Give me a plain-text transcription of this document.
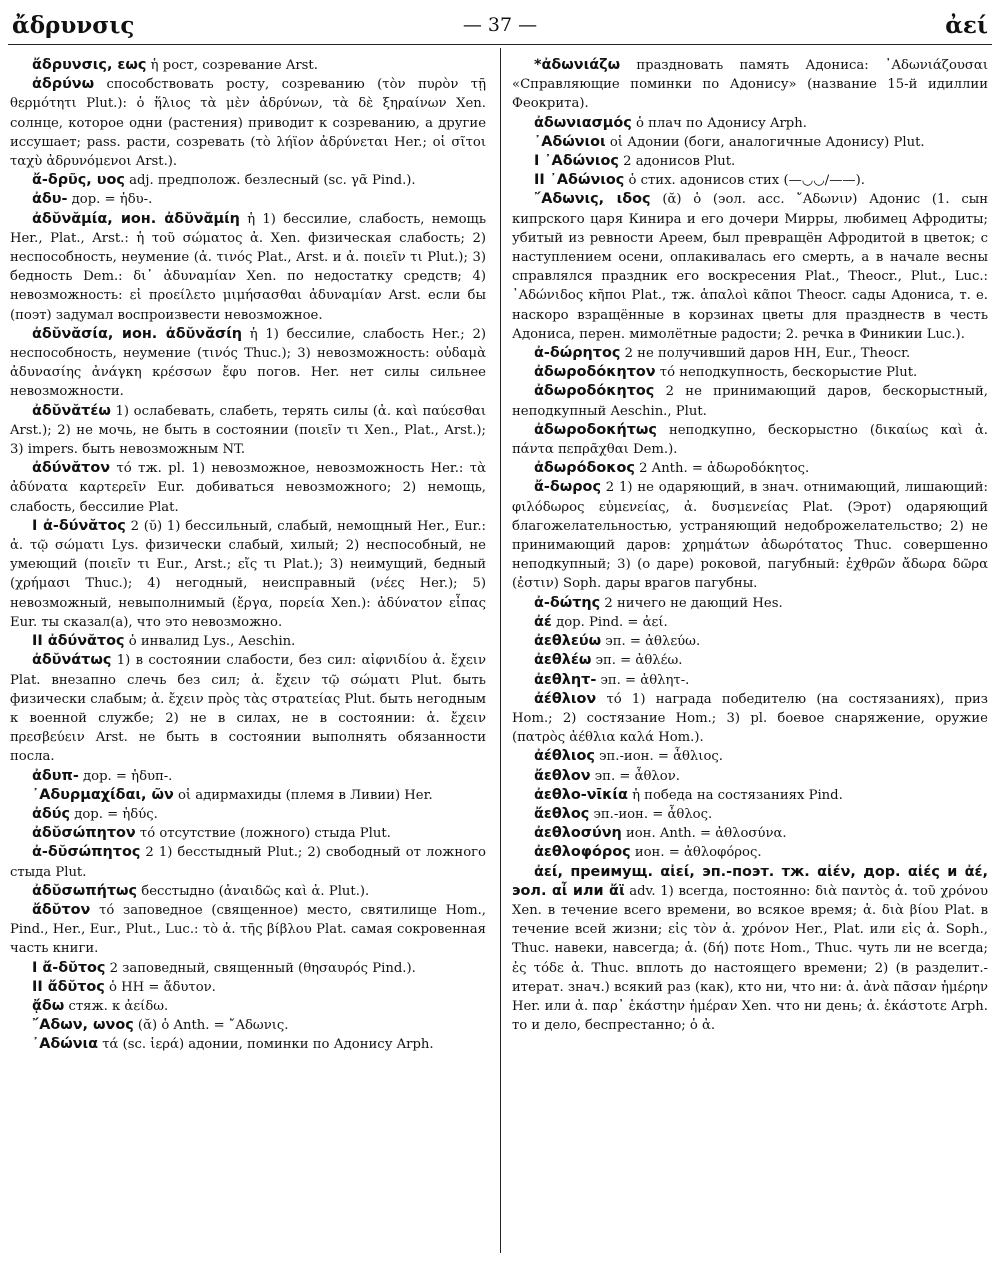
ἄδρυνσις	— 37 —	ἀεί

ἄδρυνσις, εως ἡ рост, созревание Arst.

ἀδρύνω способствовать росту, созреванию (τὸν πυρὸν τῇ θερμότητι Plut.): ὁ ἥλιος τὰ μὲν ἀδρύνων, τὰ δὲ ξηραίνων Xen. солнце, которое одни (растения) приводит к созреванию, а другие иссушает; pass. расти, созревать (τὸ λήϊον ἀδρύνεται Her.; οἱ σῖτοι ταχὺ ἀδρυνόμενοι Arst.).

ἄ-δρῦς, υος adj. предполож. безлесный (sc. γᾶ Pind.).

ἀδυ- дор. = ἡδυ-.

ἀδῠνᾰμία, ион. ἀδῠνᾰμίη ἡ 1) бессилие, слабость, немощь Her., Plat., Arst.: ἡ τοῦ σώματος ἀ. Xen. физическая слабость; 2) неспособность, неумение (ἀ. τινός Plat., Arst. и ἀ. ποιεῖν τι Plut.); 3) бедность Dem.: δι᾽ ἀδυναμίαν Xen. по недостатку средств; 4) невозможность: εἰ προείλετο μιμήσασθαι ἀδυναμίαν Arst. если бы (поэт) задумал воспроизвести невозможное.

ἀδῠνᾰσία, ион. ἀδῠνᾰσίη ἡ 1) бессилие, слабость Her.; 2) неспособность, неумение (τινός Thuc.); 3) невозможность: οὐδαμὰ ἀδυνασίης ἀνάγκη κρέσσων ἔφυ погов. Her. нет силы сильнее невозможности.

ἀδῠνᾰτέω 1) ослабевать, слабеть, терять силы (ἀ. καὶ παύεσθαι Arst.); 2) не мочь, не быть в состоянии (ποιεῖν τι Xen., Plat., Arst.); 3) impers. быть невозможным NT.

ἀδύνᾰτον τό тж. pl. 1) невозможное, невозможность Her.: τὰ ἀδύνατα καρτερεῖν Eur. добиваться невозможного; 2) немощь, слабость, бессилие Plat.

I ἀ-δύνᾰτος 2 (ῠ) 1) бессильный, слабый, немощный Her., Eur.: ἀ. τῷ σώματι Lys. физически слабый, хилый; 2) неспособный, не умеющий (ποιεῖν τι Eur., Arst.; εἴς τι Plat.); 3) неимущий, бедный (χρήμασι Thuc.); 4) негодный, неисправный (νέες Her.); 5) невозможный, невыполнимый (ἔργα, πορεία Xen.): ἀδύνατον εἶπας Eur. ты сказал(а), что это невозможно.

II ἀδύνᾰτος ὁ инвалид Lys., Aeschin.

ἀδῠνάτως 1) в состоянии слабости, без сил: αἰφνιδίου ἀ. ἔχειν Plat. внезапно слечь без сил; ἀ. ἔχειν τῷ σώματι Plut. быть физически слабым; ἀ. ἔχειν πρὸς τὰς στρατείας Plut. быть негодным к военной службе; 2) не в силах, не в состоянии: ἀ. ἔχειν πρεσβεύειν Arst. не быть в состоянии выполнять обязанности посла.

ἀδυπ- дор. = ἡδυπ-.

᾿Αδυρμαχίδαι, ῶν οἱ адирмахиды (племя в Ливии) Her.

ἀδύς дор. = ἡδύς.

ἀδῠσώπητον τό отсутствие (ложного) стыда Plut.

ἀ-δῠσώπητος 2 1) бесстыдный Plut.; 2) свободный от ложного стыда Plut.

ἀδῠσωπήτως бесстыдно (ἀναιδῶς καὶ ἀ. Plut.).

ἄδῠτον τό заповедное (священное) место, святилище Hom., Pind., Her., Eur., Plut., Luc.: τὸ ἀ. τῆς βίβλου Plat. самая сокровенная часть книги.

I ἄ-δῠτος 2 заповедный, священный (θησαυρός Pind.).

II ἄδῠτος ὁ HH = ἄδυτον.

ᾄδω стяж. к ἀείδω.

῎Αδων, ωνος (ᾰ) ὁ Anth. = ῎Αδωνις.

᾿Αδώνια τά (sc. ἱερά) адонии, поминки по Адонису Arph.

*ἀδωνιάζω праздновать память Адониса: ᾿Αδωνιάζουσαι «Справляющие поминки по Адонису» (название 15-й идиллии Феокрита).

ἀδωνιασμός ὁ плач по Адонису Arph.

᾿Αδώνιοι οἱ Адонии (боги, аналогичные Адонису) Plut.

I ᾿Αδώνιος 2 адонисов Plut.

II ᾿Αδώνιος ὁ стих. адонисов стих (—◡◡/——).

῎Αδωνις, ιδος (ᾰ) ὁ (эол. acc. ῎Αδωνιν) Адонис (1. сын кипрского царя Кинира и его дочери Мирры, любимец Афродиты; убитый из ревности Ареем, был превращён Афродитой в цветок; с наступлением осени, оплакивалась его смерть, а в начале весны справлялся праздник его воскресения Plat., Theocr., Plut., Luc.: ᾿Αδώνιδος κῆποι Plat., тж. ἁπαλοὶ κᾶποι Theocr. сады Адониса, т. е. наскоро взращённые в корзинах цветы для празднеств в честь Адониса, перен. мимолётные радости; 2. речка в Финикии Luc.).

ἀ-δώρητος 2 не получивший даров HH, Eur., Theocr.

ἀδωροδόκητον τό неподкупность, бескорыстие Plut.

ἀδωροδόκητος 2 не принимающий даров, бескорыстный, неподкупный Aeschin., Plut.

ἀδωροδοκήτως неподкупно, бескорыстно (δικαίως καὶ ἀ. πάντα πεπρᾶχθαι Dem.).

ἀδωρόδοκος 2 Anth. = ἀδωροδόκητος.

ἄ-δωρος 2 1) не одаряющий, в знач. отнимающий, лишающий: φιλόδωρος εὐμενείας, ἀ. δυσμενείας Plat. (Эрот) одаряющий благожелательностью, устраняющий недоброжелательство; 2) не принимающий даров: χρημάτων ἀδωρότατος Thuc. совершенно неподкупный; 3) (о даре) роковой, пагубный: ἐχθρῶν ἄδωρα δῶρα (ἐστιν) Soph. дары врагов пагубны.

ἀ-δώτης 2 ничего не дающий Hes.

ἀέ дор. Pind. = ἀεί.

ἀεθλεύω эп. = ἀθλεύω.

ἀεθλέω эп. = ἀθλέω.

ἀεθλητ- эп. = ἀθλητ-.

ἀέθλιον τό 1) награда победителю (на состязаниях), приз Hom.; 2) состязание Hom.; 3) pl. боевое снаряжение, оружие (πατρὸς ἀέθλια καλά Hom.).

ἀέθλιος эп.-ион. = ἆθλιος.

ἄεθλον эп. = ἆθλον.

ἀεθλο-νῑκία ἡ победа на состязаниях Pind.

ἄεθλος эп.-ион. = ἆθλος.

ἀεθλοσύνη ион. Anth. = ἀθλοσύνα.

ἀεθλοφόρος ион. = ἀθλοφόρος.

ἀεί, преимущ. αἰεί, эп.-поэт. тж. αἰέν, дор. αἰές и ἀέ, эол. αἶ или ἄϊ adv. 1) всегда, постоянно: διὰ παντὸς ἀ. τοῦ χρόνου Xen. в течение всего времени, во всякое время; ἀ. διὰ βίου Plat. в течение всей жизни; εἰς τὸν ἀ. χρόνον Her., Plat. или εἰς ἀ. Soph., Thuc. навеки, навсегда; ἀ. (δή) ποτε Hom., Thuc. чуть ли не всегда; ἐς τόδε ἀ. Thuc. вплоть до настоящего времени; 2) (в разделит.-итерат. знач.) всякий раз (как), кто ни, что ни: ἀ. ἀνὰ πᾶσαν ἡμέρην Her. или ἀ. παρ᾽ ἑκάστην ἡμέραν Xen. что ни день; ἀ. ἑκάστοτε Arph. то и дело, беспрестанно; ὁ ἀ.
